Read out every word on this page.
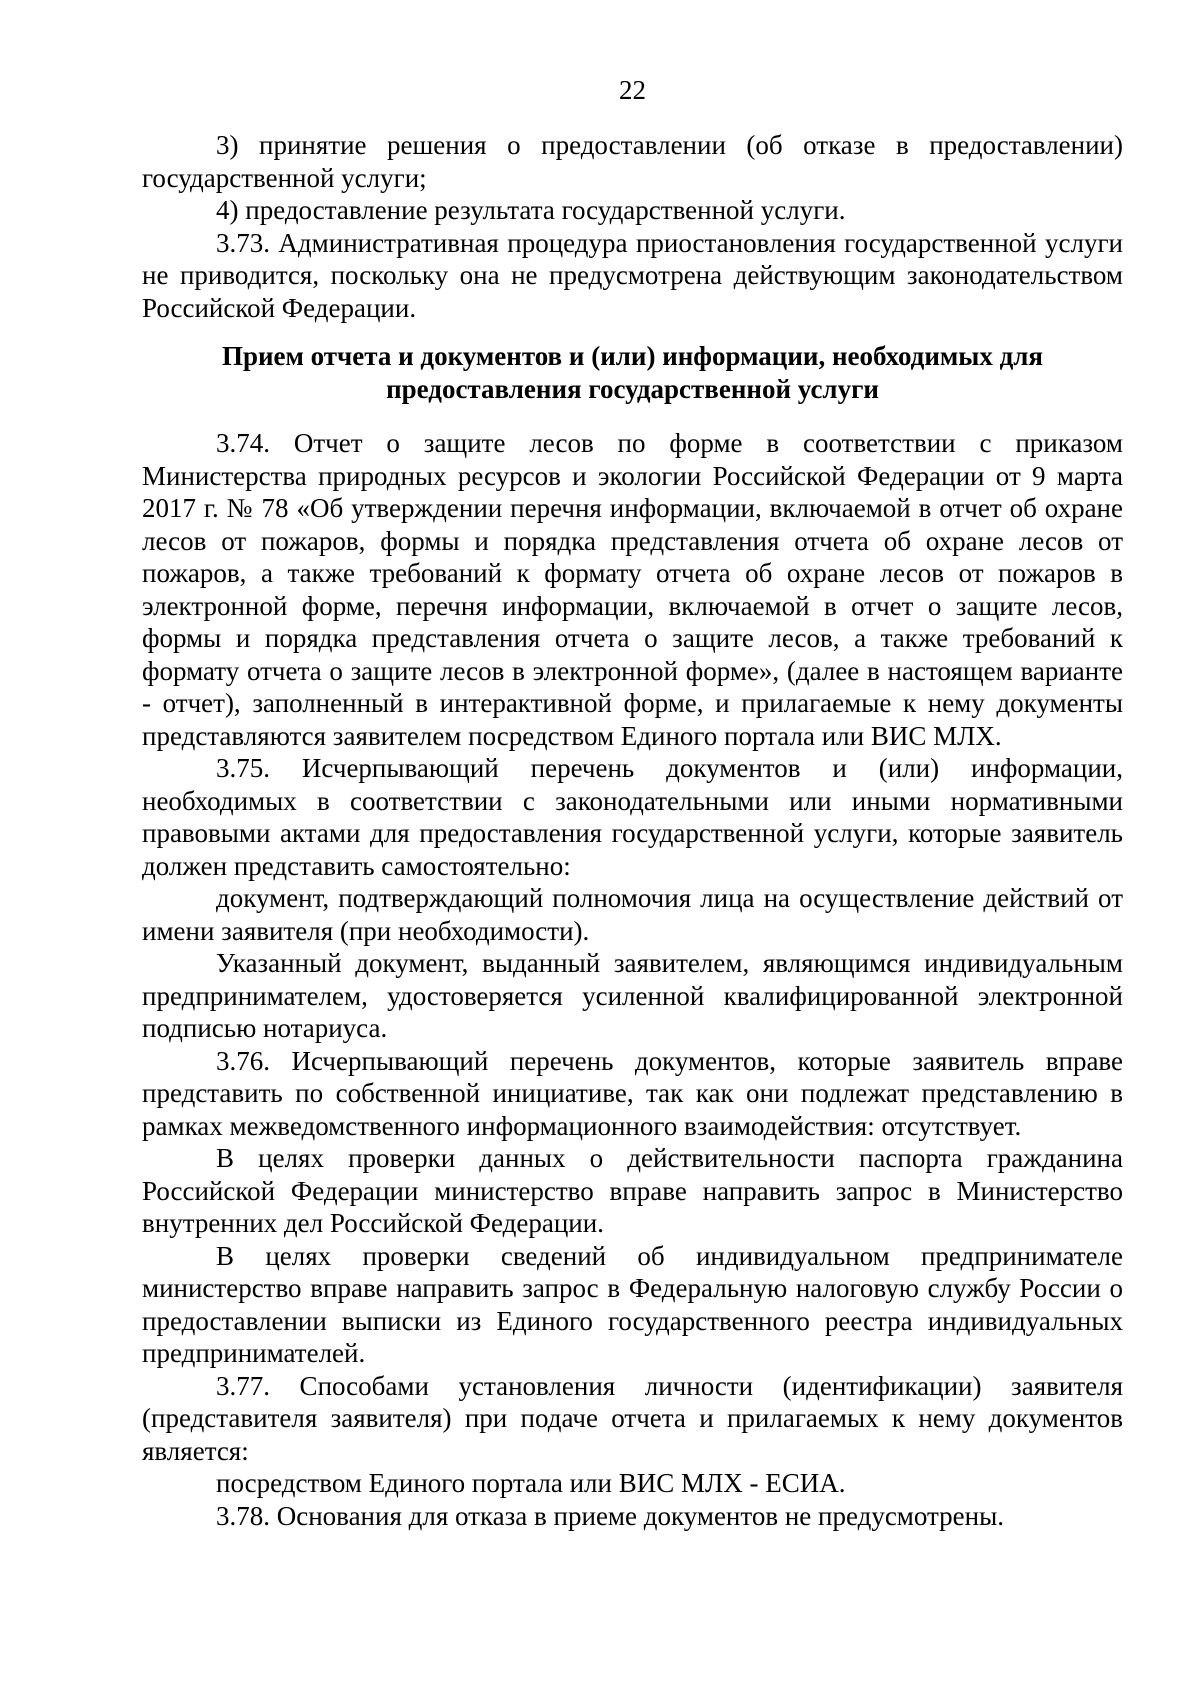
22

3) принятие решения о предоставлении (об отказе в предоставлении) государственной услуги;

4) предоставление результата государственной услуги.

3.73. Административная процедура приостановления государственной услуги не приводится, поскольку она не предусмотрена действующим законодательством Российской Федерации.

Прием отчета и документов и (или) информации, необходимых для предоставления государственной услуги

3.74. Отчет о защите лесов по форме в соответствии с приказом Министерства природных ресурсов и экологии Российской Федерации от 9 марта 2017 г. № 78 «Об утверждении перечня информации, включаемой в отчет об охране лесов от пожаров, формы и порядка представления отчета об охране лесов от пожаров, а также требований к формату отчета об охране лесов от пожаров в электронной форме, перечня информации, включаемой в отчет о защите лесов, формы и порядка представления отчета о защите лесов, а также требований к формату отчета о защите лесов в электронной форме», (далее в настоящем варианте - отчет), заполненный в интерактивной форме, и прилагаемые к нему документы представляются заявителем посредством Единого портала или ВИС МЛХ.

3.75. Исчерпывающий перечень документов и (или) информации, необходимых в соответствии с законодательными или иными нормативными правовыми актами для предоставления государственной услуги, которые заявитель должен представить самостоятельно:

документ, подтверждающий полномочия лица на осуществление действий от имени заявителя (при необходимости).

Указанный документ, выданный заявителем, являющимся индивидуальным предпринимателем, удостоверяется усиленной квалифицированной электронной подписью нотариуса.

3.76. Исчерпывающий перечень документов, которые заявитель вправе представить по собственной инициативе, так как они подлежат представлению в рамках межведомственного информационного взаимодействия: отсутствует.

В целях проверки данных о действительности паспорта гражданина Российской Федерации министерство вправе направить запрос в Министерство внутренних дел Российской Федерации.

В целях проверки сведений об индивидуальном предпринимателе министерство вправе направить запрос в Федеральную налоговую службу России о предоставлении выписки из Единого государственного реестра индивидуальных предпринимателей.

3.77. Способами установления личности (идентификации) заявителя (представителя заявителя) при подаче отчета и прилагаемых к нему документов является:

посредством Единого портала или ВИС МЛХ - ЕСИА.

3.78. Основания для отказа в приеме документов не предусмотрены.
